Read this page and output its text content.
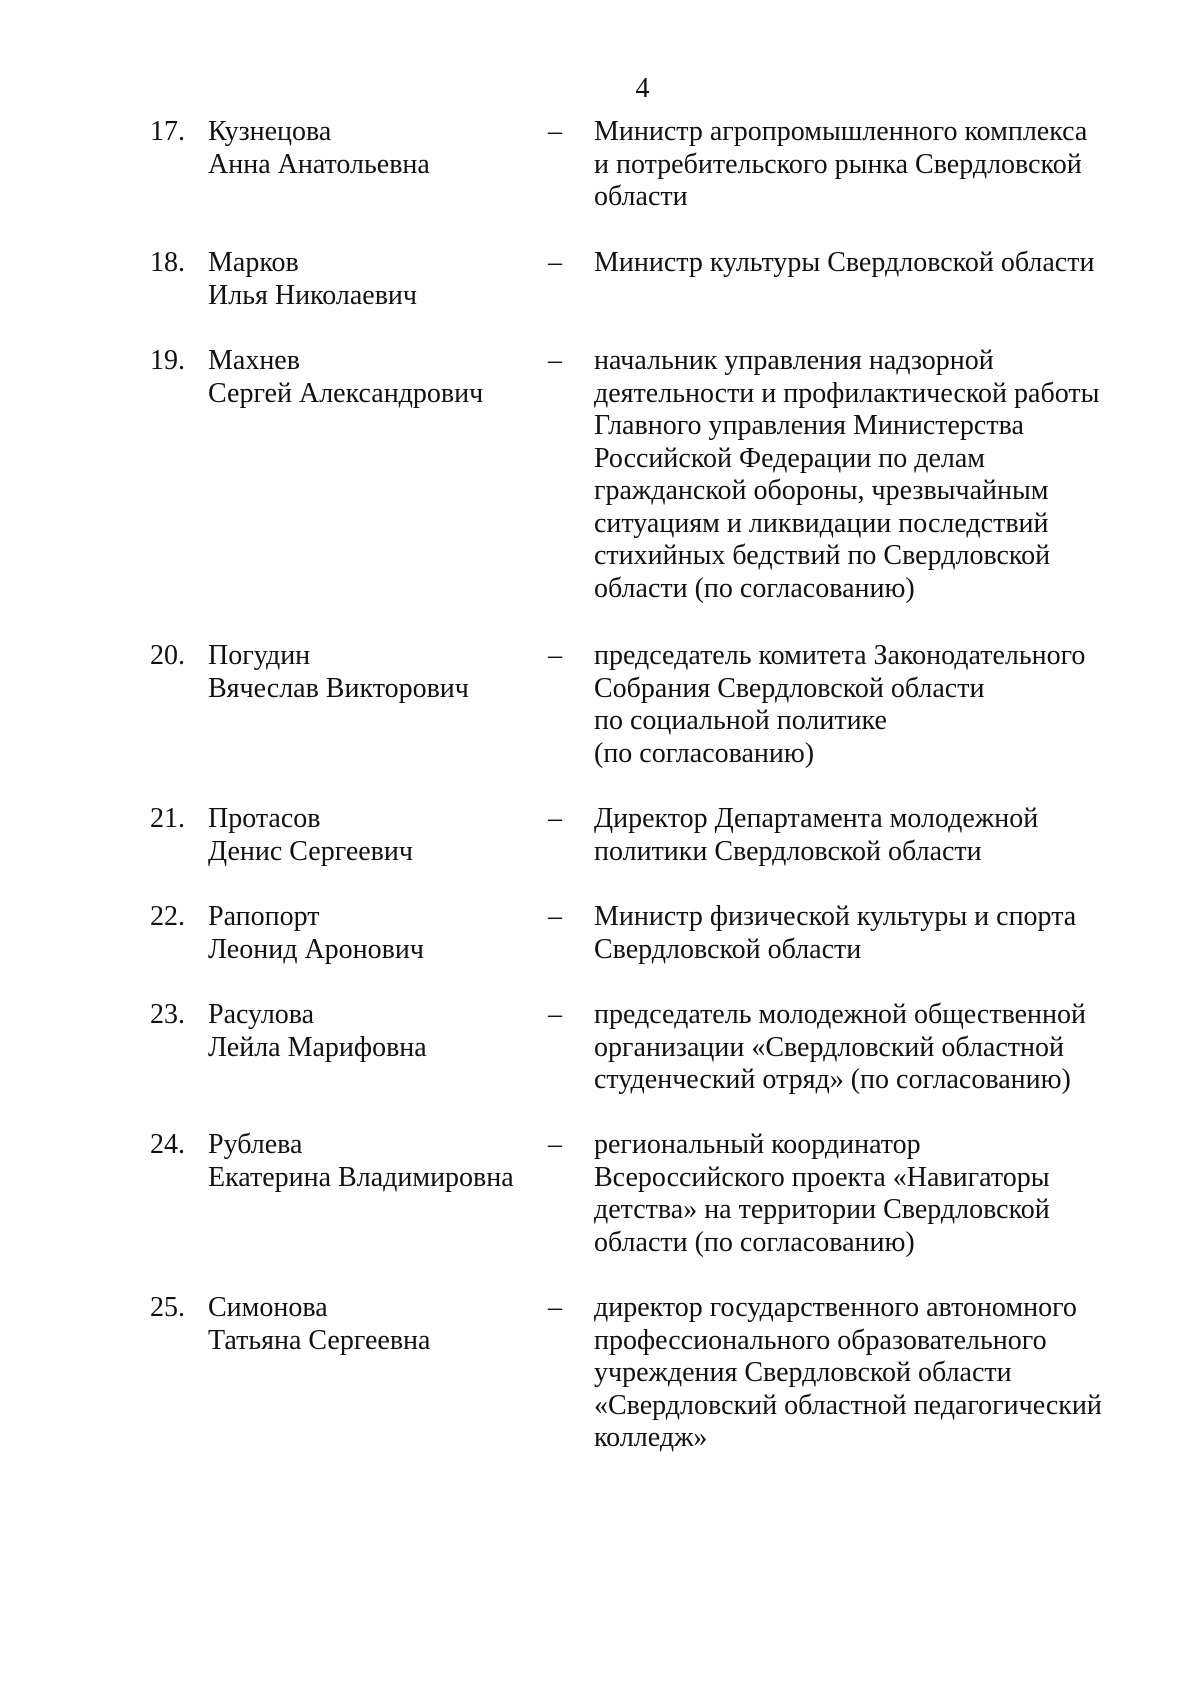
4
17. Кузнецова
Анна Анатольевна
– Министр агропромышленного комплекса
и потребительского рынка Свердловской
области
18. Марков
Илья Николаевич
– Министр культуры Свердловской области
19. Махнев
Сергей Александрович
– начальник управления надзорной
деятельности и профилактической работы
Главного управления Министерства
Российской Федерации по делам
гражданской обороны, чрезвычайным
ситуациям и ликвидации последствий
стихийных бедствий по Свердловской
области (по согласованию)
20. Погудин
Вячеслав Викторович
– председатель комитета Законодательного
Собрания Свердловской области
по социальной политике
(по согласованию)
21. Протасов
Денис Сергеевич
– Директор Департамента молодежной
политики Свердловской области
22. Рапопорт
Леонид Аронович
– Министр физической культуры и спорта
Свердловской области
23. Расулова
Лейла Марифовна
– председатель молодежной общественной
организации «Свердловский областной
студенческий отряд» (по согласованию)
24. Рублева
Екатерина Владимировна
– региональный координатор
Всероссийского проекта «Навигаторы
детства» на территории Свердловской
области (по согласованию)
25. Симонова
Татьяна Сергеевна
– директор государственного автономного
профессионального образовательного
учреждения Свердловской области
«Свердловский областной педагогический
колледж»
